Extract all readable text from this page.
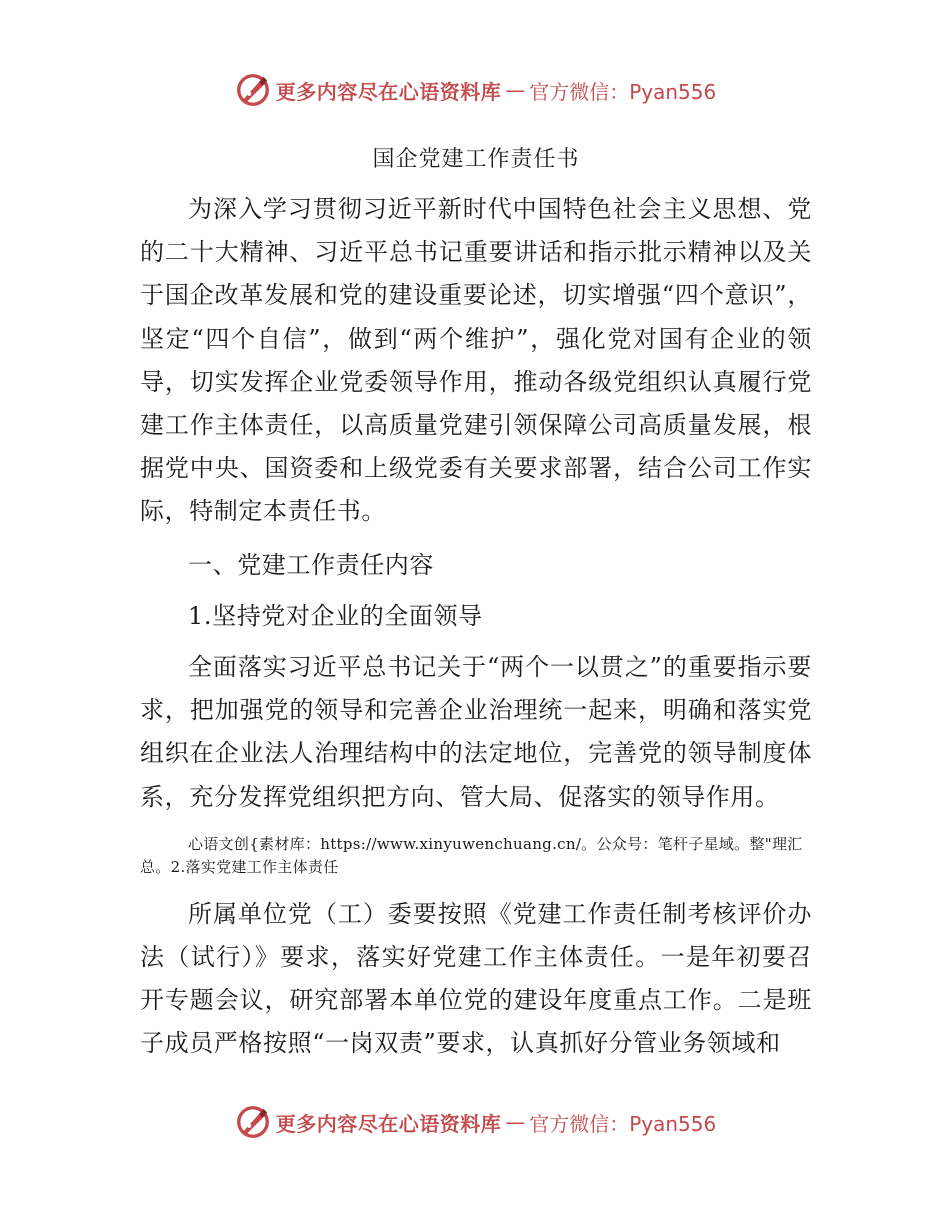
更多内容尽在心语资料库 — 官方微信：Pyan556
国企党建工作责任书

为深入学习贯彻习近平新时代中国特色社会主义思想、党的二十大精神、习近平总书记重要讲话和指示批示精神以及关于国企改革发展和党的建设重要论述，切实增强“四个意识”，坚定“四个自信”，做到“两个维护”，强化党对国有企业的领导，切实发挥企业党委领导作用，推动各级党组织认真履行党建工作主体责任，以高质量党建引领保障公司高质量发展，根据党中央、国资委和上级党委有关要求部署，结合公司工作实际，特制定本责任书。

一、党建工作责任内容

1.坚持党对企业的全面领导

全面落实习近平总书记关于“两个一以贯之”的重要指示要求，把加强党的领导和完善企业治理统一起来，明确和落实党组织在企业法人治理结构中的法定地位，完善党的领导制度体系，充分发挥党组织把方向、管大局、促落实的领导作用。

心语文创{素材库：https://www.xinyuwenchuang.cn/。公众号：笔杆子星域。整"理汇总。2.落实党建工作主体责任

所属单位党（工）委要按照《党建工作责任制考核评价办法（试行）》要求，落实好党建工作主体责任。一是年初要召开专题会议，研究部署本单位党的建设年度重点工作。二是班子成员严格按照“一岗双责”要求，认真抓好分管业务领域和

更多内容尽在心语资料库 — 官方微信：Pyan556
